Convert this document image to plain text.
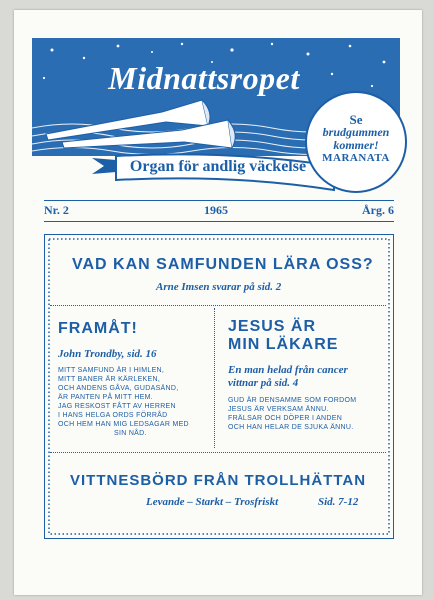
Midnattsropet
Se
brudgummen
kommer!
MARANATA
Organ för andlig väckelse
Nr. 2	1965	Årg. 6
VAD KAN SAMFUNDEN LÄRA OSS?
Arne Imsen svarar på sid. 2
FRAMÅT!
John Trondby, sid. 16
MITT SAMFUND ÄR I HIMLEN,
MITT BANER ÄR KÄRLEKEN,
OCH ANDENS GÅVA, GUDASÄND,
ÄR PANTEN PÅ MITT HEM.
JAG RESKOST FÅTT AV HERREN
I HANS HELGA ORDS FÖRRÅD
OCH HEM HAN MIG LEDSAGAR MED
SIN NÅD.
JESUS ÄR
MIN LÄKARE
En man helad från cancer
vittnar på sid. 4
GUD ÄR DENSAMME SOM FORDOM
JESUS ÄR VERKSAM ÄNNU.
FRÄLSAR OCH DÖPER I ANDEN
OCH HAN HELAR DE SJUKA ÄNNU.
VITTNESBÖRD FRÅN TROLLHÄTTAN
Levande – Starkt – Trosfriskt	Sid. 7-12
